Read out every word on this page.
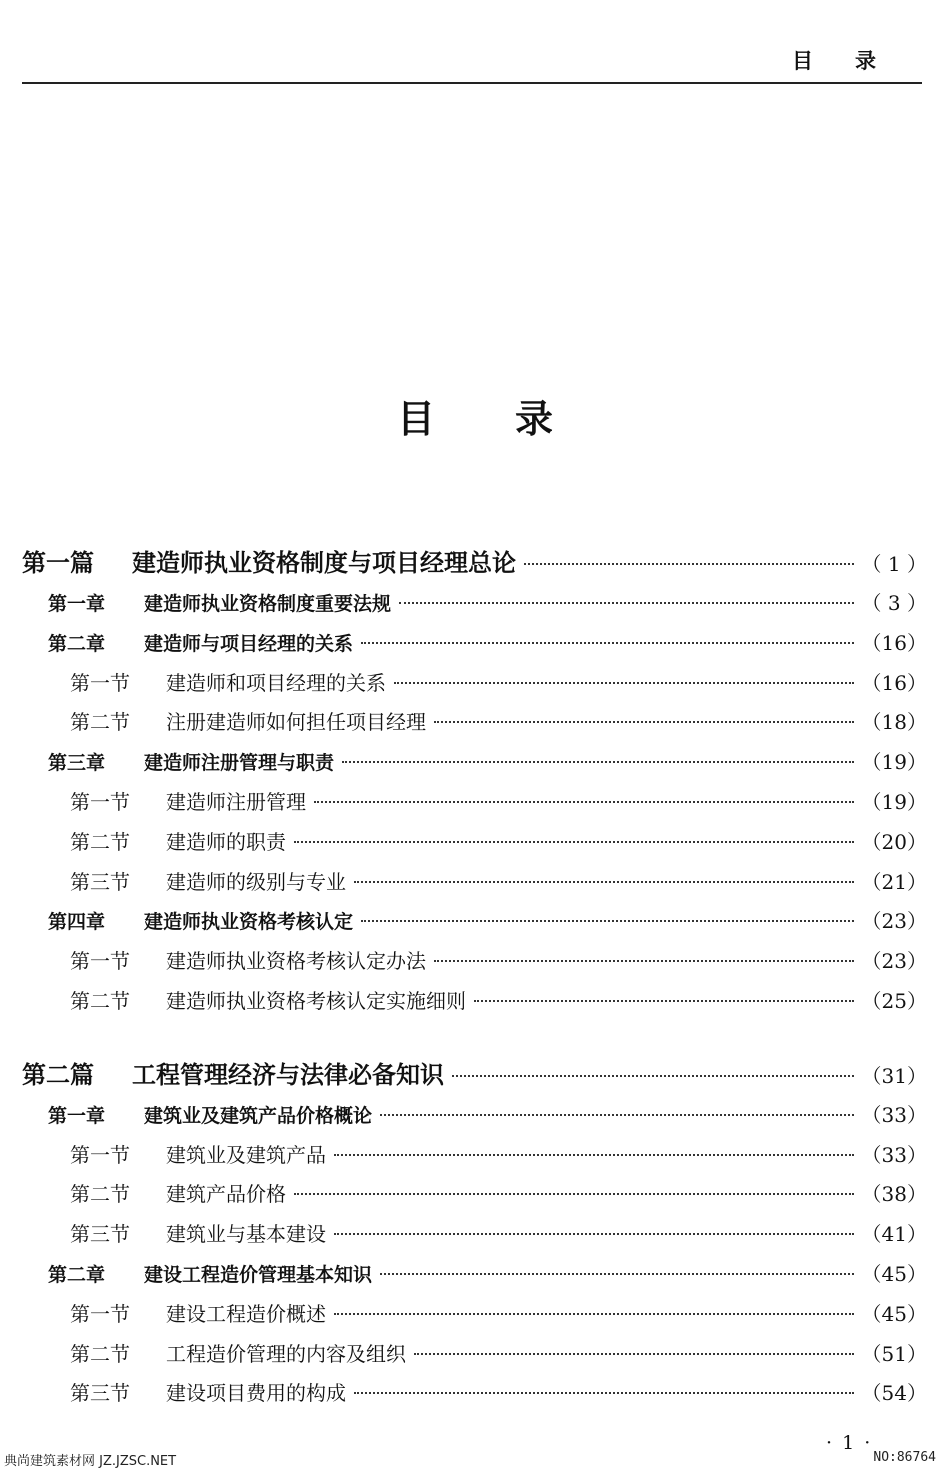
目录
目录
第一篇	建造师执业资格制度与项目经理总论	（ 1 ）
第一章	建造师执业资格制度重要法规	（ 3 ）
第二章	建造师与项目经理的关系	（16）
第一节	建造师和项目经理的关系	（16）
第二节	注册建造师如何担任项目经理	（18）
第三章	建造师注册管理与职责	（19）
第一节	建造师注册管理	（19）
第二节	建造师的职责	（20）
第三节	建造师的级别与专业	（21）
第四章	建造师执业资格考核认定	（23）
第一节	建造师执业资格考核认定办法	（23）
第二节	建造师执业资格考核认定实施细则	（25）
第二篇	工程管理经济与法律必备知识	（31）
第一章	建筑业及建筑产品价格概论	（33）
第一节	建筑业及建筑产品	（33）
第二节	建筑产品价格	（38）
第三节	建筑业与基本建设	（41）
第二章	建设工程造价管理基本知识	（45）
第一节	建设工程造价概述	（45）
第二节	工程造价管理的内容及组织	（51）
第三节	建设项目费用的构成	（54）
· 1 ·
典尚建筑素材网 JZ.JZSC.NET	NO:86764
